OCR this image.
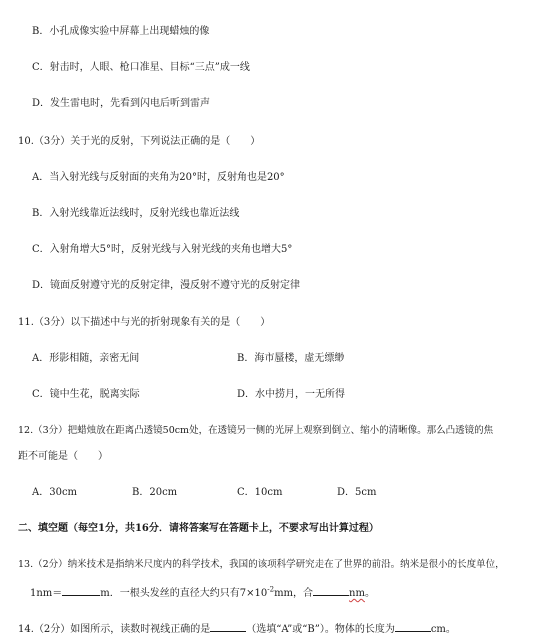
B．小孔成像实验中屏幕上出现蜡烛的像
C．射击时，人眼、枪口准星、目标“三点”成一线
D．发生雷电时，先看到闪电后听到雷声
10.（3分）关于光的反射，下列说法正确的是（　　）
A．当入射光线与反射面的夹角为20°时，反射角也是20°
B．入射光线靠近法线时，反射光线也靠近法线
C．入射角增大5°时，反射光线与入射光线的夹角也增大5°
D．镜面反射遵守光的反射定律，漫反射不遵守光的反射定律
11.（3分）以下描述中与光的折射现象有关的是（　　）
A．形影相随，亲密无间	B．海市蜃楼，虚无缥缈
C．镜中生花，脱离实际	D．水中捞月，一无所得
12.（3分）把蜡烛放在距离凸透镜50cm处，在透镜另一侧的光屏上观察到倒立、缩小的清晰像。那么凸透镜的焦
距不可能是（　　）
A．30cm	B．20cm	C．10cm	D．5cm
二、填空题（每空1分，共16分．请将答案写在答题卡上，不要求写出计算过程）
13.（2分）纳米技术是指纳米尺度内的科学技术，我国的该项科学研究走在了世界的前沿。纳米是很小的长度单位，
1nm＝	m．一根头发丝的直径大约只有$7\times 10^{-2}mm$，合	nm。
14.（2分）如图所示，读数时视线正确的是	（选填“A”或“B”）。物体的长度为	cm。
